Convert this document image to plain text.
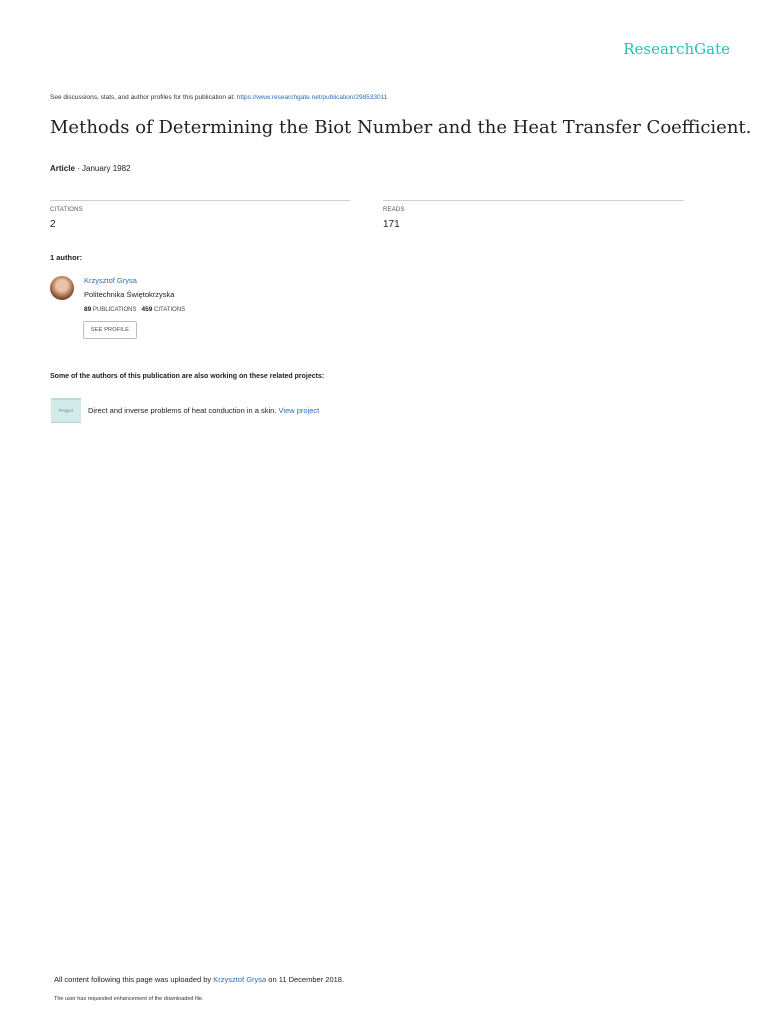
ResearchGate
See discussions, stats, and author profiles for this publication at: https://www.researchgate.net/publication/298533011
Methods of Determining the Biot Number and the Heat Transfer Coefficient.
Article · January 1982
CITATIONS
2
READS
171
1 author:
Krzysztof Grysa
Politechnika Świętokrzyska
89 PUBLICATIONS 459 CITATIONS
SEE PROFILE
Some of the authors of this publication are also working on these related projects:
Project	Direct and inverse problems of heat conduction in a skin. View project
All content following this page was uploaded by Krzysztof Grysa on 11 December 2018.
The user has requested enhancement of the downloaded file.
